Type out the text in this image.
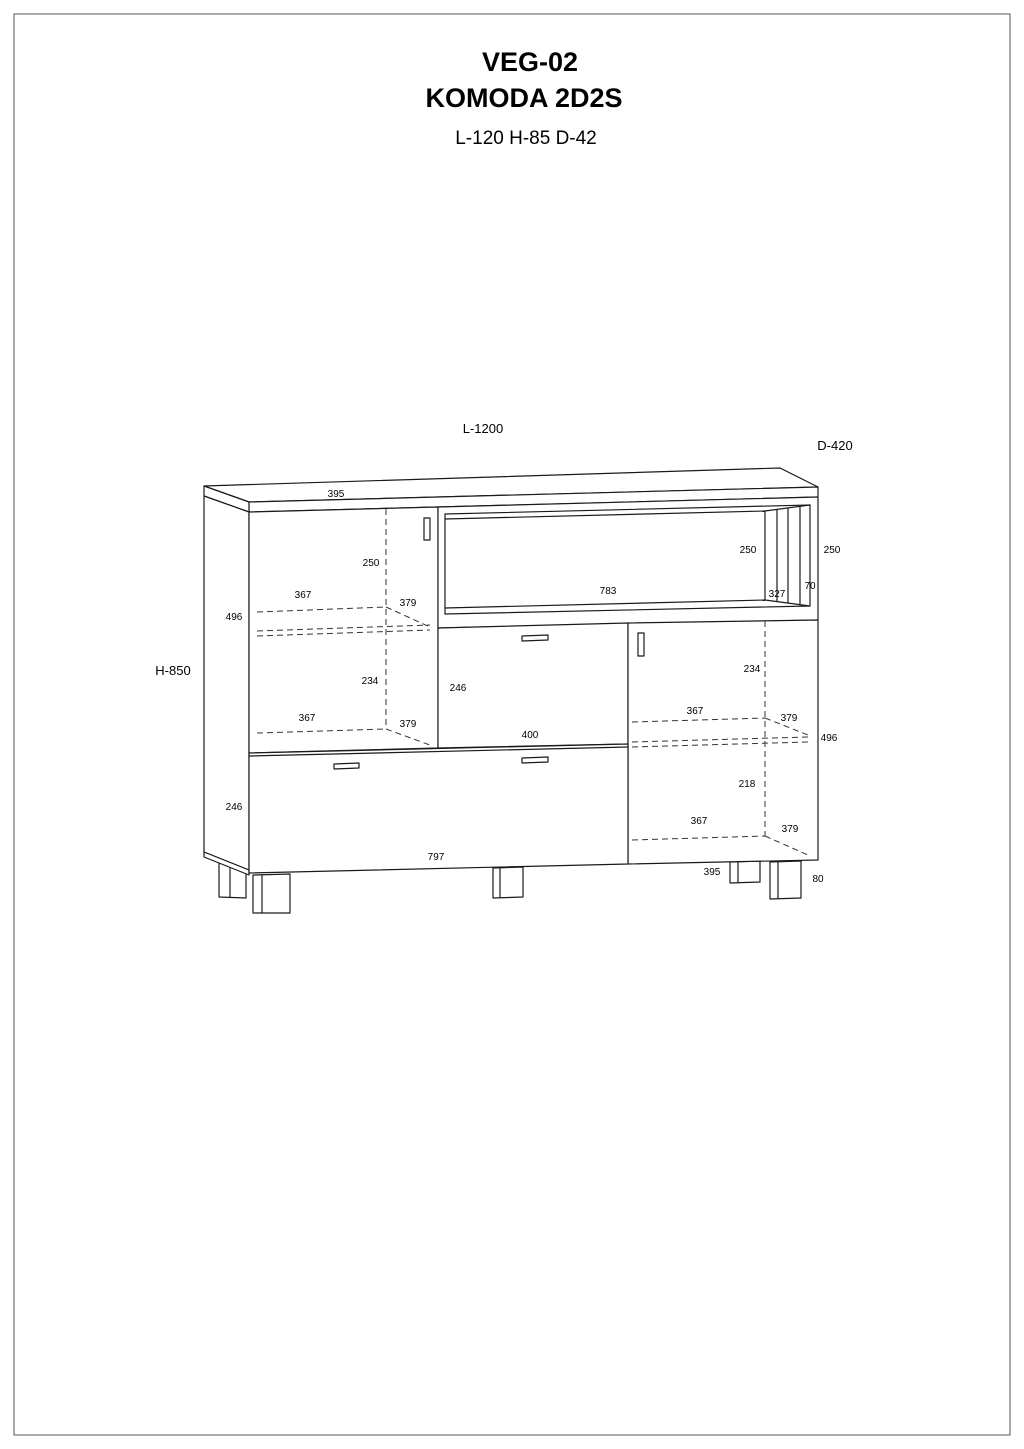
VEG-02
KOMODA 2D2S
L-120 H-85 D-42
L-1200
D-420
H-850
395
250
367
379
496
234
367
379
246
400
783
250	250
327
70
234
367
379
496
218
367
379
246
797
395
80
